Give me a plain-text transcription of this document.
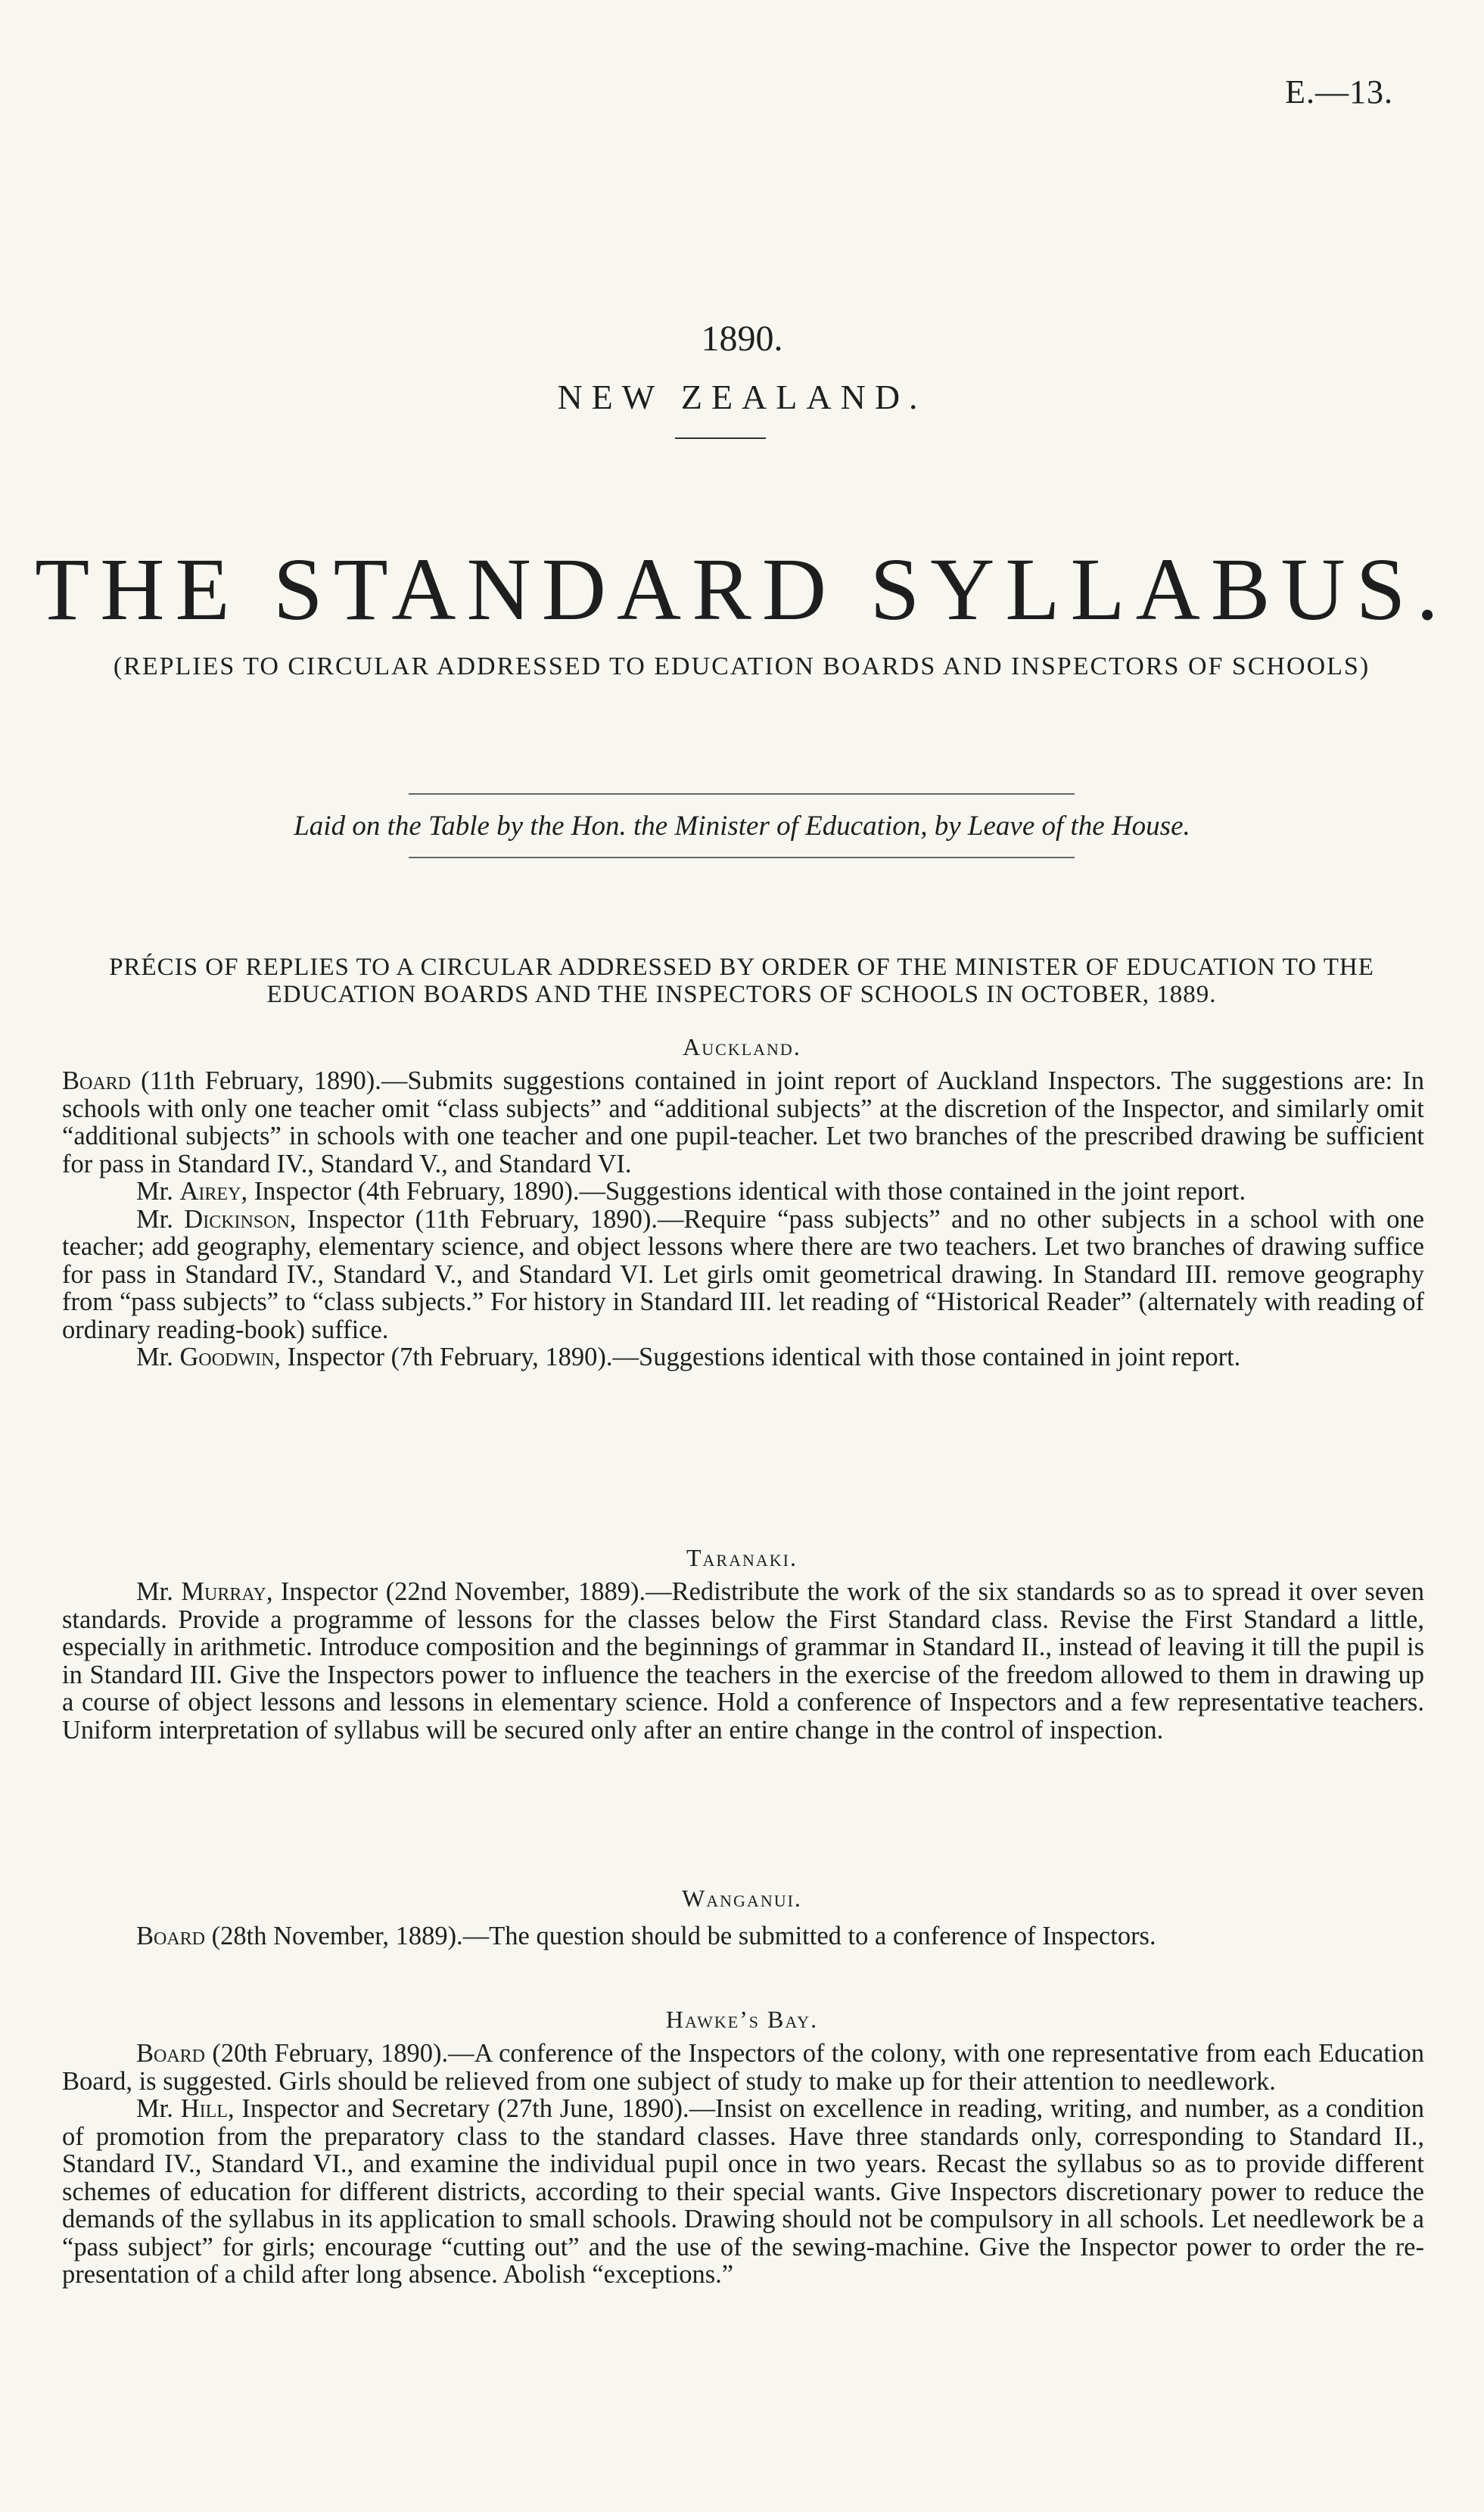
E.—13.
1890.
NEW ZEALAND.
THE STANDARD SYLLABUS.
(REPLIES TO CIRCULAR ADDRESSED TO EDUCATION BOARDS AND INSPECTORS OF SCHOOLS)
Laid on the Table by the Hon. the Minister of Education, by Leave of the House.
PRÉCIS OF REPLIES TO A CIRCULAR ADDRESSED BY ORDER OF THE MINISTER OF EDUCATION TO THE EDUCATION BOARDS AND THE INSPECTORS OF SCHOOLS IN OCTOBER, 1889.
Auckland.

Board (11th February, 1890).—Submits suggestions contained in joint report of Auckland Inspectors. The suggestions are: In schools with only one teacher omit “class subjects” and “additional subjects” at the discretion of the Inspector, and similarly omit “additional subjects” in schools with one teacher and one pupil-teacher. Let two branches of the prescribed drawing be sufficient for pass in Standard IV., Standard V., and Standard VI.

Mr. Airey, Inspector (4th February, 1890).—Suggestions identical with those contained in the joint report.

Mr. Dickinson, Inspector (11th February, 1890).—Require “pass subjects” and no other subjects in a school with one teacher; add geography, elementary science, and object lessons where there are two teachers. Let two branches of drawing suffice for pass in Standard IV., Standard V., and Standard VI. Let girls omit geometrical drawing. In Standard III. remove geography from “pass subjects” to “class subjects.” For history in Standard III. let reading of “Historical Reader” (alternately with reading of ordinary reading-book) suffice.

Mr. Goodwin, Inspector (7th February, 1890).—Suggestions identical with those contained in joint report.

Taranaki.

Mr. Murray, Inspector (22nd November, 1889).—Redistribute the work of the six standards so as to spread it over seven standards. Provide a programme of lessons for the classes below the First Standard class. Revise the First Standard a little, especially in arithmetic. Introduce composition and the beginnings of grammar in Standard II., instead of leaving it till the pupil is in Standard III. Give the Inspectors power to influence the teachers in the exercise of the freedom allowed to them in drawing up a course of object lessons and lessons in elementary science. Hold a conference of Inspectors and a few representative teachers. Uniform interpretation of syllabus will be secured only after an entire change in the control of inspection.

Wanganui.

Board (28th November, 1889).—The question should be submitted to a conference of Inspectors.

Hawke’s Bay.

Board (20th February, 1890).—A conference of the Inspectors of the colony, with one representative from each Education Board, is suggested. Girls should be relieved from one subject of study to make up for their attention to needlework.

Mr. Hill, Inspector and Secretary (27th June, 1890).—Insist on excellence in reading, writing, and number, as a condition of promotion from the preparatory class to the standard classes. Have three standards only, corresponding to Standard II., Standard IV., Standard VI., and examine the individual pupil once in two years. Recast the syllabus so as to provide different schemes of education for different districts, according to their special wants. Give Inspectors discretionary power to reduce the demands of the syllabus in its application to small schools. Drawing should not be compulsory in all schools. Let needlework be a “pass subject” for girls; encourage “cutting out” and the use of the sewing-machine. Give the Inspector power to order the re-presentation of a child after long absence. Abolish “exceptions.”
